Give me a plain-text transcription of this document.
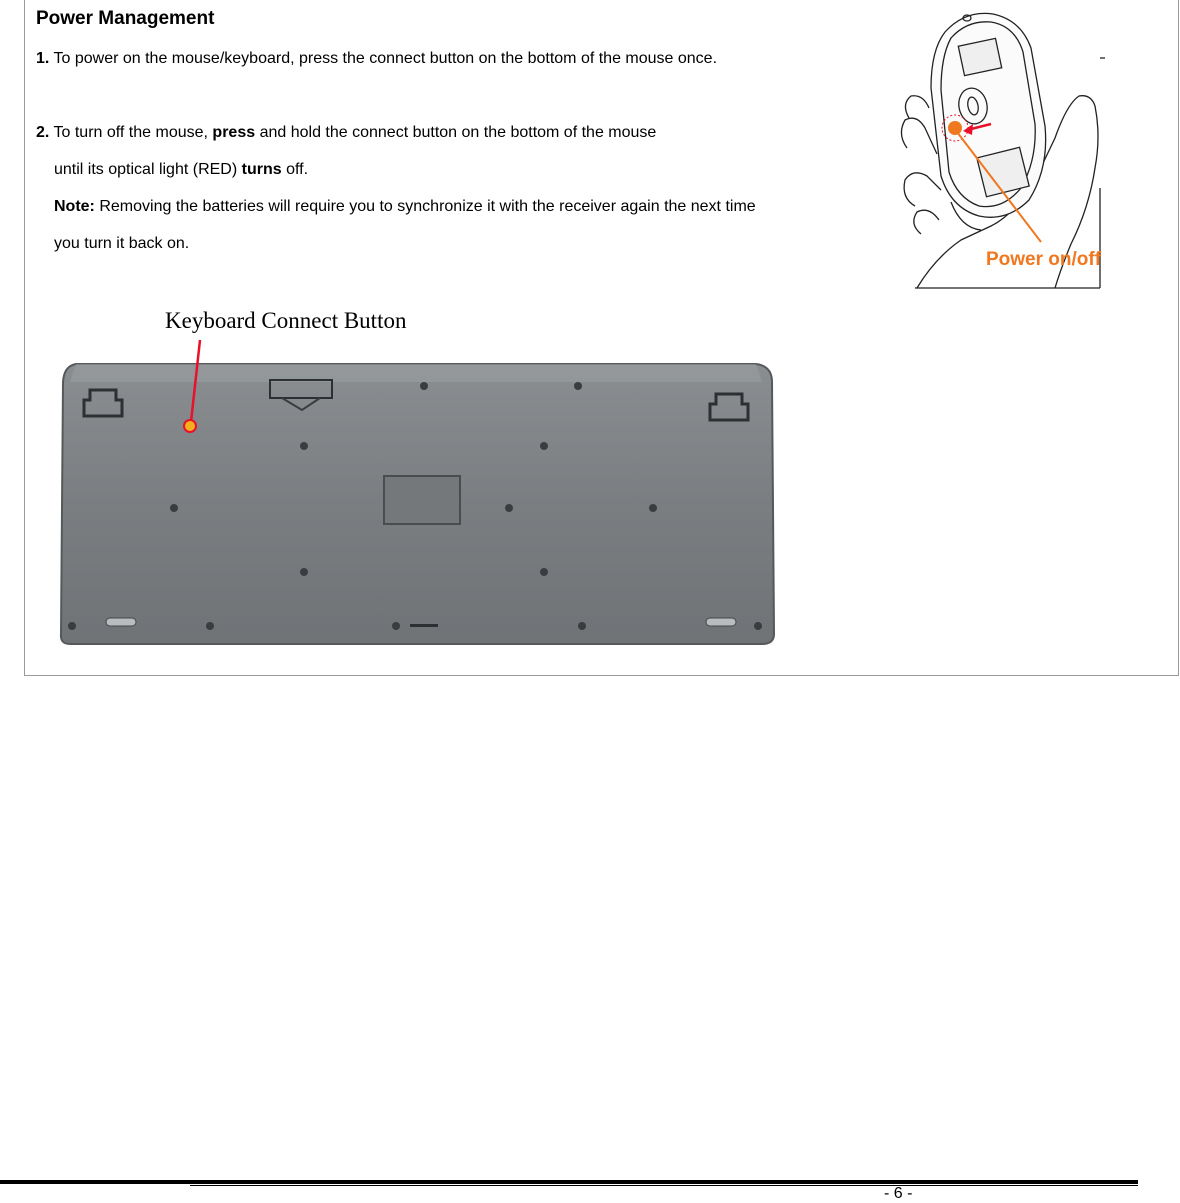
Power Management

1. To power on the mouse/keyboard, press the connect button on the bottom of the mouse once.

2. To turn off the mouse, press and hold the connect button on the bottom of the mouse
until its optical light (RED) turns off.

Note: Removing the batteries will require you to synchronize it with the receiver again the next time you turn it back on.

Keyboard Connect Button

Power on/off

- 6 -
